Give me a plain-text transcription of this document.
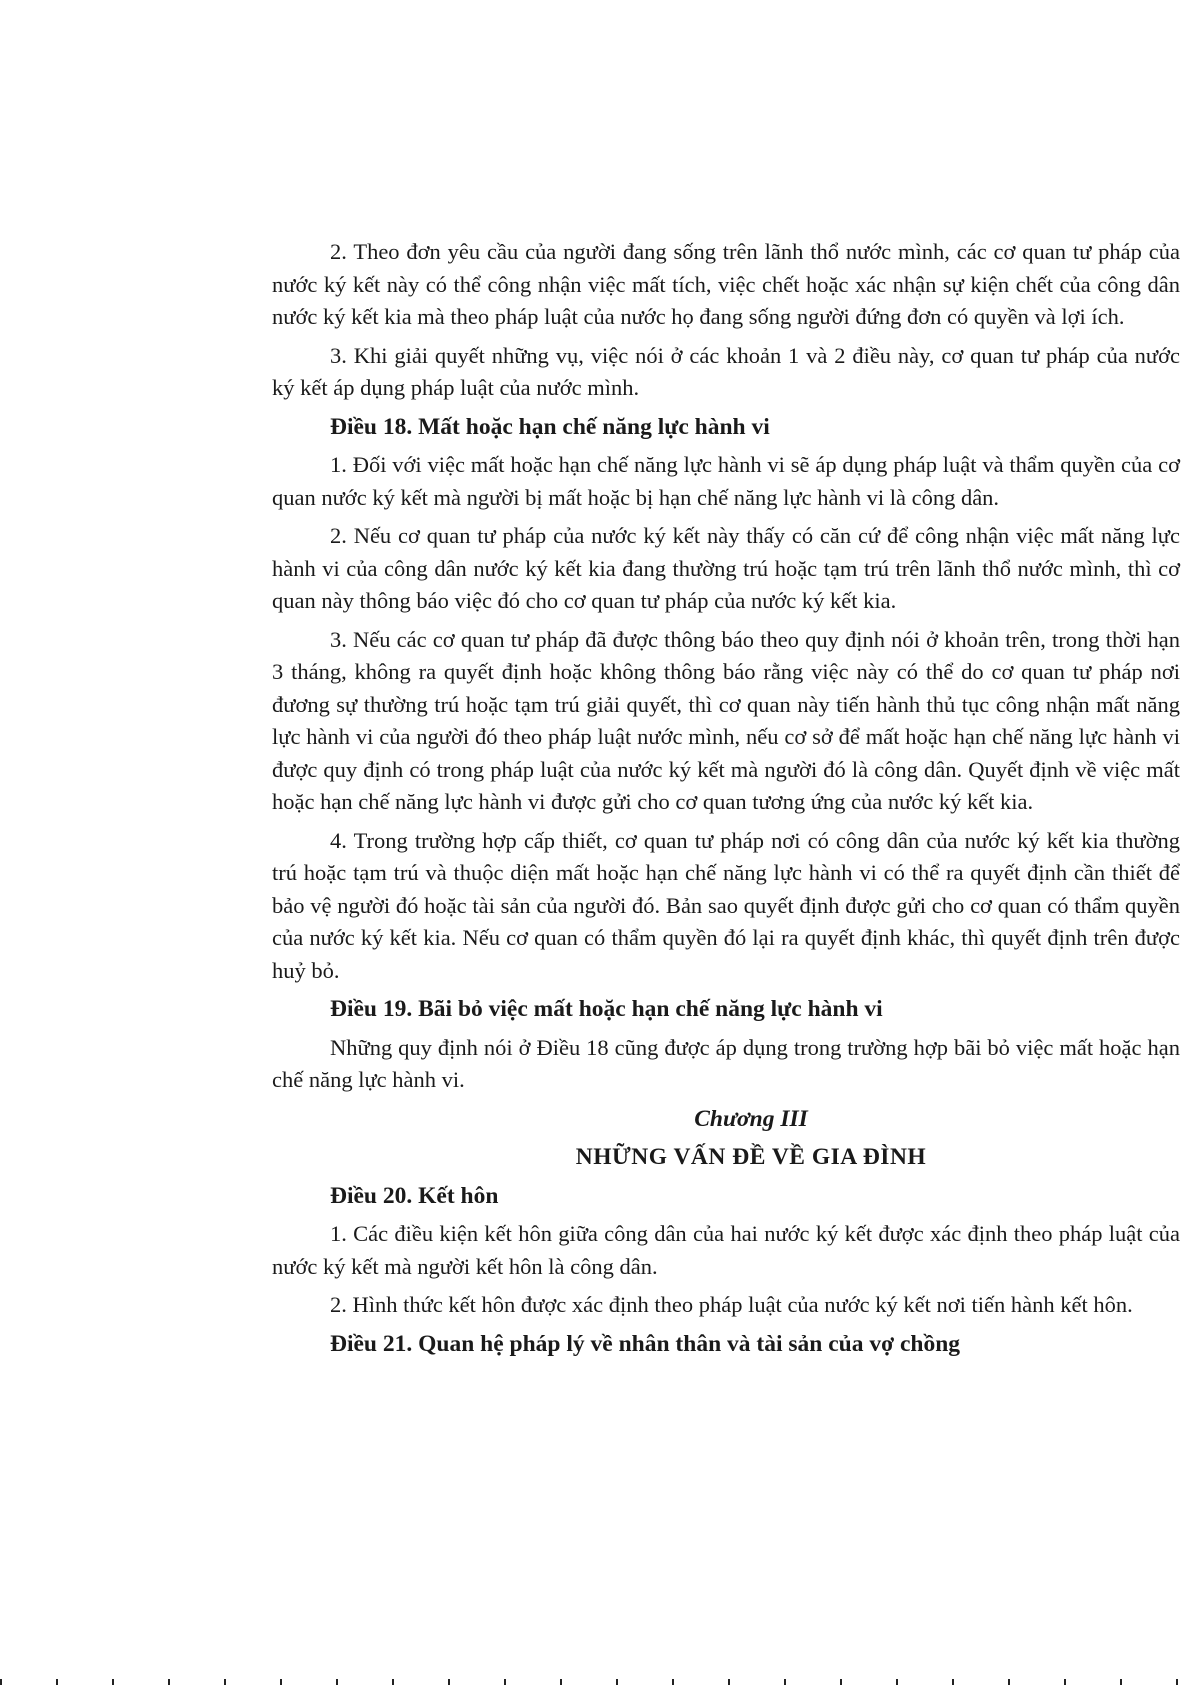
2. Theo đơn yêu cầu của người đang sống trên lãnh thổ nước mình, các cơ quan tư pháp của nước ký kết này có thể công nhận việc mất tích, việc chết hoặc xác nhận sự kiện chết của công dân nước ký kết kia mà theo pháp luật của nước họ đang sống người đứng đơn có quyền và lợi ích.

3. Khi giải quyết những vụ, việc nói ở các khoản 1 và 2 điều này, cơ quan tư pháp của nước ký kết áp dụng pháp luật của nước mình.

Điều 18. Mất hoặc hạn chế năng lực hành vi

1. Đối với việc mất hoặc hạn chế năng lực hành vi sẽ áp dụng pháp luật và thẩm quyền của cơ quan nước ký kết mà người bị mất hoặc bị hạn chế năng lực hành vi là công dân.

2. Nếu cơ quan tư pháp của nước ký kết này thấy có căn cứ để công nhận việc mất năng lực hành vi của công dân nước ký kết kia đang thường trú hoặc tạm trú trên lãnh thổ nước mình, thì cơ quan này thông báo việc đó cho cơ quan tư pháp của nước ký kết kia.

3. Nếu các cơ quan tư pháp đã được thông báo theo quy định nói ở khoản trên, trong thời hạn 3 tháng, không ra quyết định hoặc không thông báo rằng việc này có thể do cơ quan tư pháp nơi đương sự thường trú hoặc tạm trú giải quyết, thì cơ quan này tiến hành thủ tục công nhận mất năng lực hành vi của người đó theo pháp luật nước mình, nếu cơ sở để mất hoặc hạn chế năng lực hành vi được quy định có trong pháp luật của nước ký kết mà người đó là công dân. Quyết định về việc mất hoặc hạn chế năng lực hành vi được gửi cho cơ quan tương ứng của nước ký kết kia.

4. Trong trường hợp cấp thiết, cơ quan tư pháp nơi có công dân của nước ký kết kia thường trú hoặc tạm trú và thuộc diện mất hoặc hạn chế năng lực hành vi có thể ra quyết định cần thiết để bảo vệ người đó hoặc tài sản của người đó. Bản sao quyết định được gửi cho cơ quan có thẩm quyền của nước ký kết kia. Nếu cơ quan có thẩm quyền đó lại ra quyết định khác, thì quyết định trên được huỷ bỏ.

Điều 19. Bãi bỏ việc mất hoặc hạn chế năng lực hành vi

Những quy định nói ở Điều 18 cũng được áp dụng trong trường hợp bãi bỏ việc mất hoặc hạn chế năng lực hành vi.

Chương III

NHỮNG VẤN ĐỀ VỀ GIA ĐÌNH

Điều 20. Kết hôn

1. Các điều kiện kết hôn giữa công dân của hai nước ký kết được xác định theo pháp luật của nước ký kết mà người kết hôn là công dân.

2. Hình thức kết hôn được xác định theo pháp luật của nước ký kết nơi tiến hành kết hôn.

Điều 21. Quan hệ pháp lý về nhân thân và tài sản của vợ chồng
